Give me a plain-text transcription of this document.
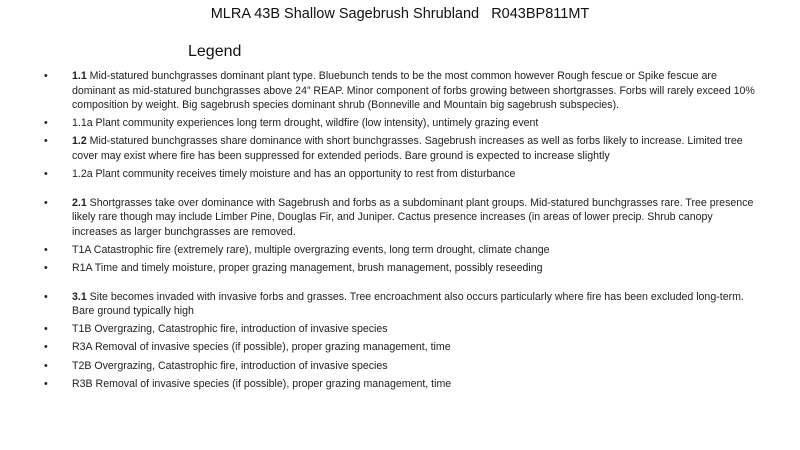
MLRA 43B Shallow Sagebrush Shrubland   R043BP811MT
Legend
• 1.1 Mid-statured bunchgrasses dominant plant type. Bluebunch tends to be the most common however Rough fescue or Spike fescue are dominant as mid-statured bunchgrasses above 24” REAP. Minor component of forbs growing between shortgrasses. Forbs will rarely exceed 10% composition by weight. Big sagebrush species dominant shrub (Bonneville and Mountain big sagebrush subspecies).
• 1.1a Plant community experiences long term drought, wildfire (low intensity), untimely grazing event
• 1.2 Mid-statured bunchgrasses share dominance with short bunchgrasses. Sagebrush increases as well as forbs likely to increase. Limited tree cover may exist where fire has been suppressed for extended periods. Bare ground is expected to increase slightly
• 1.2a Plant community receives timely moisture and has an opportunity to rest from disturbance
• 2.1 Shortgrasses take over dominance with Sagebrush and forbs as a subdominant plant groups. Mid-statured bunchgrasses rare. Tree presence likely rare though may include Limber Pine, Douglas Fir, and Juniper. Cactus presence increases (in areas of lower precip. Shrub canopy increases as larger bunchgrasses are removed.
• T1A Catastrophic fire (extremely rare), multiple overgrazing events, long term drought, climate change
• R1A Time and timely moisture, proper grazing management, brush management, possibly reseeding
• 3.1 Site becomes invaded with invasive forbs and grasses. Tree encroachment also occurs particularly where fire has been excluded long-term. Bare ground typically high
• T1B Overgrazing, Catastrophic fire, introduction of invasive species
• R3A Removal of invasive species (if possible), proper grazing management, time
• T2B Overgrazing, Catastrophic fire, introduction of invasive species
• R3B Removal of invasive species (if possible), proper grazing management, time
